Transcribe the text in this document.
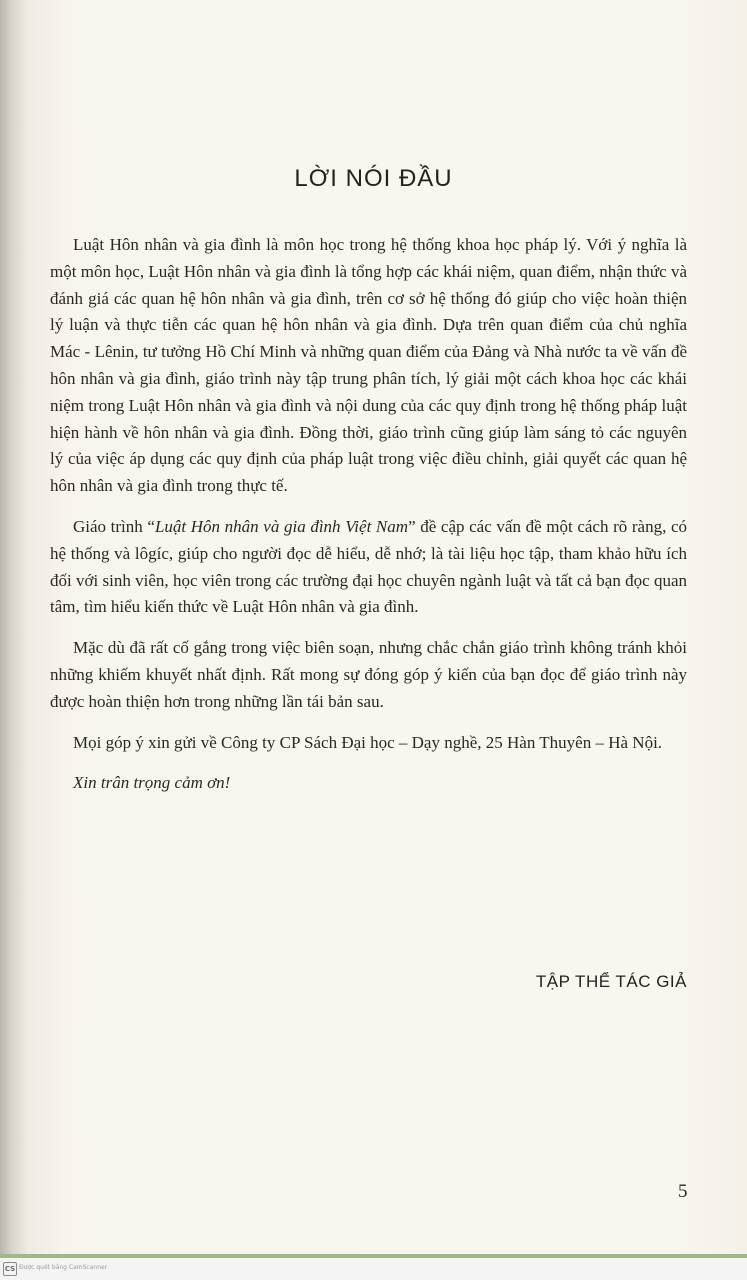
LỜI NÓI ĐẦU

Luật Hôn nhân và gia đình là môn học trong hệ thống khoa học pháp lý. Với ý nghĩa là một môn học, Luật Hôn nhân và gia đình là tổng hợp các khái niệm, quan điểm, nhận thức và đánh giá các quan hệ hôn nhân và gia đình, trên cơ sở hệ thống đó giúp cho việc hoàn thiện lý luận và thực tiễn các quan hệ hôn nhân và gia đình. Dựa trên quan điểm của chủ nghĩa Mác - Lênin, tư tưởng Hồ Chí Minh và những quan điểm của Đảng và Nhà nước ta về vấn đề hôn nhân và gia đình, giáo trình này tập trung phân tích, lý giải một cách khoa học các khái niệm trong Luật Hôn nhân và gia đình và nội dung của các quy định trong hệ thống pháp luật hiện hành về hôn nhân và gia đình. Đồng thời, giáo trình cũng giúp làm sáng tỏ các nguyên lý của việc áp dụng các quy định của pháp luật trong việc điều chỉnh, giải quyết các quan hệ hôn nhân và gia đình trong thực tế.

Giáo trình “Luật Hôn nhân và gia đình Việt Nam” đề cập các vấn đề một cách rõ ràng, có hệ thống và lôgíc, giúp cho người đọc dễ hiểu, dễ nhớ; là tài liệu học tập, tham khảo hữu ích đối với sinh viên, học viên trong các trường đại học chuyên ngành luật và tất cả bạn đọc quan tâm, tìm hiểu kiến thức về Luật Hôn nhân và gia đình.

Mặc dù đã rất cố gắng trong việc biên soạn, nhưng chắc chắn giáo trình không tránh khỏi những khiếm khuyết nhất định. Rất mong sự đóng góp ý kiến của bạn đọc để giáo trình này được hoàn thiện hơn trong những lần tái bản sau.

Mọi góp ý xin gửi về Công ty CP Sách Đại học – Dạy nghề, 25 Hàn Thuyên – Hà Nội.

Xin trân trọng cảm ơn!

TẬP THỂ TÁC GIẢ
5
CS Được quét bằng CamScanner
